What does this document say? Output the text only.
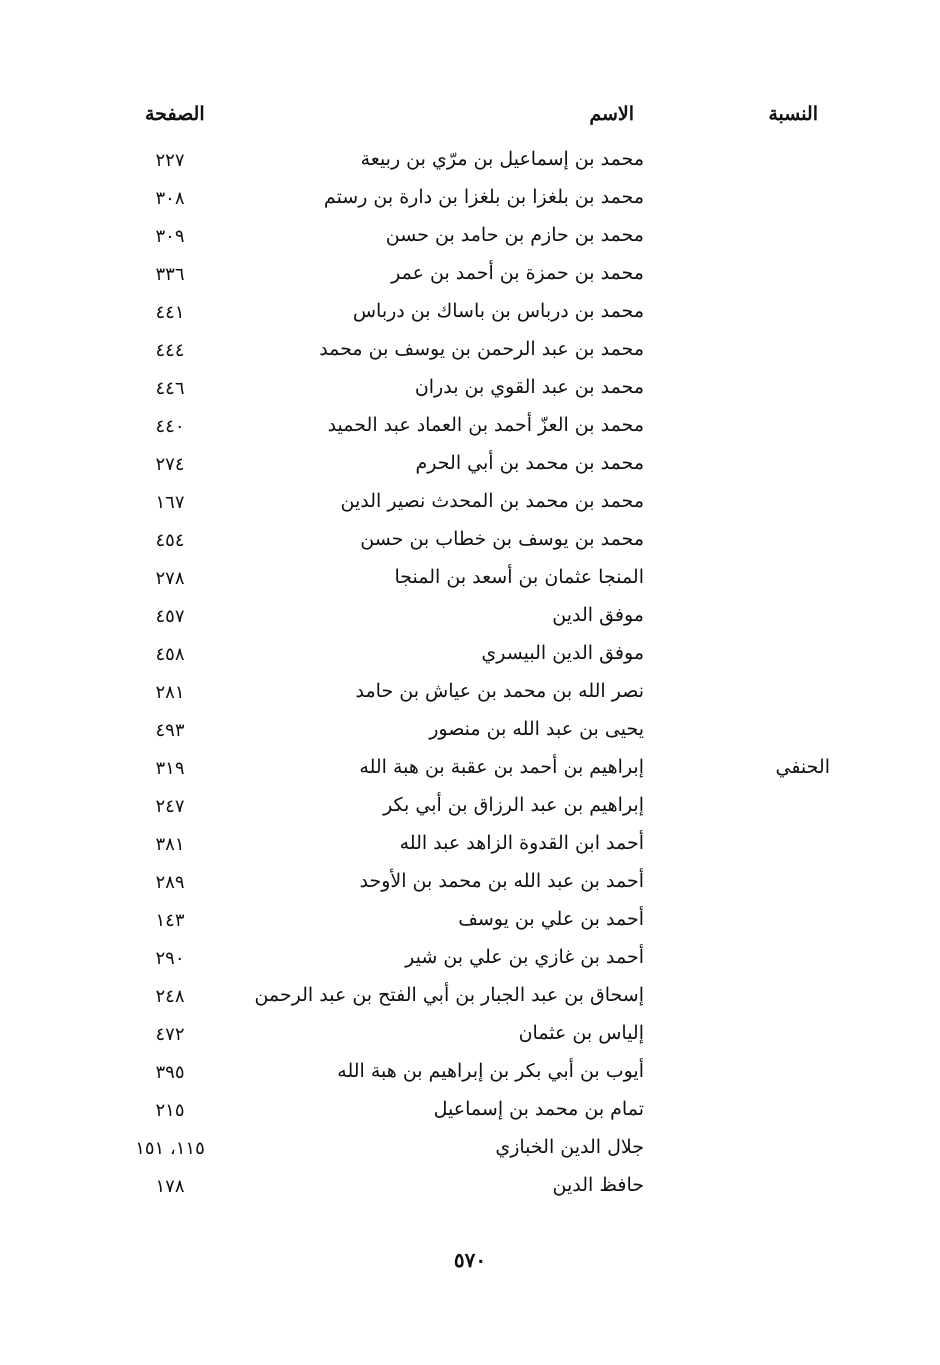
النسبة
الاسم
الصفحة
محمد بن إسماعيل بن مرّي بن ربيعة
٢٢٧
محمد بن بلغزا بن بلغزا بن دارة بن رستم
٣٠٨
محمد بن حازم بن حامد بن حسن
٣٠٩
محمد بن حمزة بن أحمد بن عمر
٣٣٦
محمد بن درباس بن باساك بن درباس
٤٤١
محمد بن عبد الرحمن بن يوسف بن محمد
٤٤٤
محمد بن عبد القوي بن بدران
٤٤٦
محمد بن العزّ أحمد بن العماد عبد الحميد
٤٤٠
محمد بن محمد بن أبي الحرم
٢٧٤
محمد بن محمد بن المحدث نصير الدين
١٦٧
محمد بن يوسف بن خطاب بن حسن
٤٥٤
المنجا عثمان بن أسعد بن المنجا
٢٧٨
موفق الدين
٤٥٧
موفق الدين البيسري
٤٥٨
نصر الله بن محمد بن عياش بن حامد
٢٨١
يحيى بن عبد الله بن منصور
٤٩٣
الحنفي
إبراهيم بن أحمد بن عقبة بن هبة الله
٣١٩
إبراهيم بن عبد الرزاق بن أبي بكر
٢٤٧
أحمد ابن القدوة الزاهد عبد الله
٣٨١
أحمد بن عبد الله بن محمد بن الأوحد
٢٨٩
أحمد بن علي بن يوسف
١٤٣
أحمد بن غازي بن علي بن شير
٢٩٠
إسحاق بن عبد الجبار بن أبي الفتح بن عبد الرحمن
٢٤٨
إلياس بن عثمان
٤٧٢
أيوب بن أبي بكر بن إبراهيم بن هبة الله
٣٩٥
تمام بن محمد بن إسماعيل
٢١٥
جلال الدين الخبازي
١١٥، ١٥١
حافظ الدين
١٧٨
٥٧٠
